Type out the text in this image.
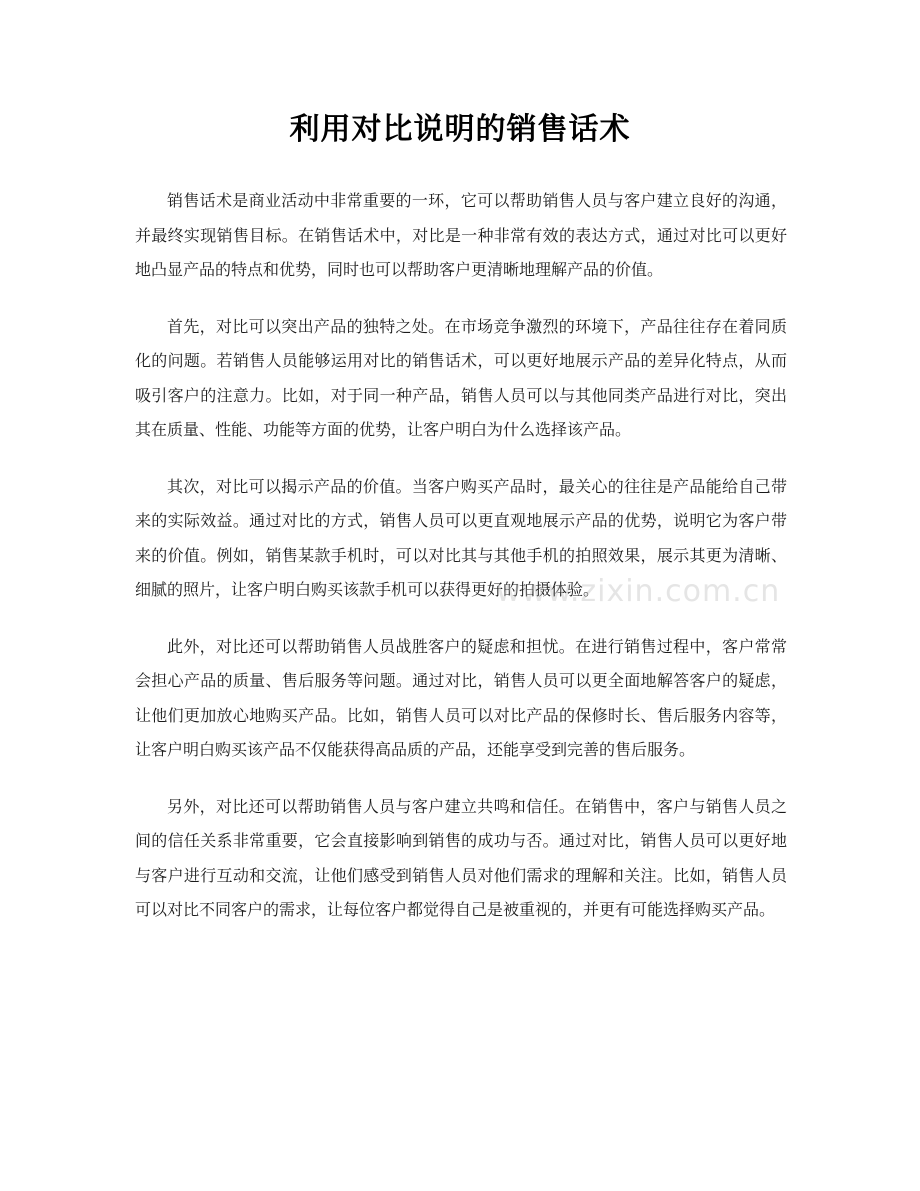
利用对比说明的销售话术

销售话术是商业活动中非常重要的一环，它可以帮助销售人员与客户建立良好的沟通，并最终实现销售目标。在销售话术中，对比是一种非常有效的表达方式，通过对比可以更好地凸显产品的特点和优势，同时也可以帮助客户更清晰地理解产品的价值。

首先，对比可以突出产品的独特之处。在市场竞争激烈的环境下，产品往往存在着同质化的问题。若销售人员能够运用对比的销售话术，可以更好地展示产品的差异化特点，从而吸引客户的注意力。比如，对于同一种产品，销售人员可以与其他同类产品进行对比，突出其在质量、性能、功能等方面的优势，让客户明白为什么选择该产品。

其次，对比可以揭示产品的价值。当客户购买产品时，最关心的往往是产品能给自己带来的实际效益。通过对比的方式，销售人员可以更直观地展示产品的优势，说明它为客户带来的价值。例如，销售某款手机时，可以对比其与其他手机的拍照效果，展示其更为清晰、细腻的照片，让客户明白购买该款手机可以获得更好的拍摄体验。

此外，对比还可以帮助销售人员战胜客户的疑虑和担忧。在进行销售过程中，客户常常会担心产品的质量、售后服务等问题。通过对比，销售人员可以更全面地解答客户的疑虑，让他们更加放心地购买产品。比如，销售人员可以对比产品的保修时长、售后服务内容等，让客户明白购买该产品不仅能获得高品质的产品，还能享受到完善的售后服务。

另外，对比还可以帮助销售人员与客户建立共鸣和信任。在销售中，客户与销售人员之间的信任关系非常重要，它会直接影响到销售的成功与否。通过对比，销售人员可以更好地与客户进行互动和交流，让他们感受到销售人员对他们需求的理解和关注。比如，销售人员可以对比不同客户的需求，让每位客户都觉得自己是被重视的，并更有可能选择购买产品。

www.zixin.com.cn
